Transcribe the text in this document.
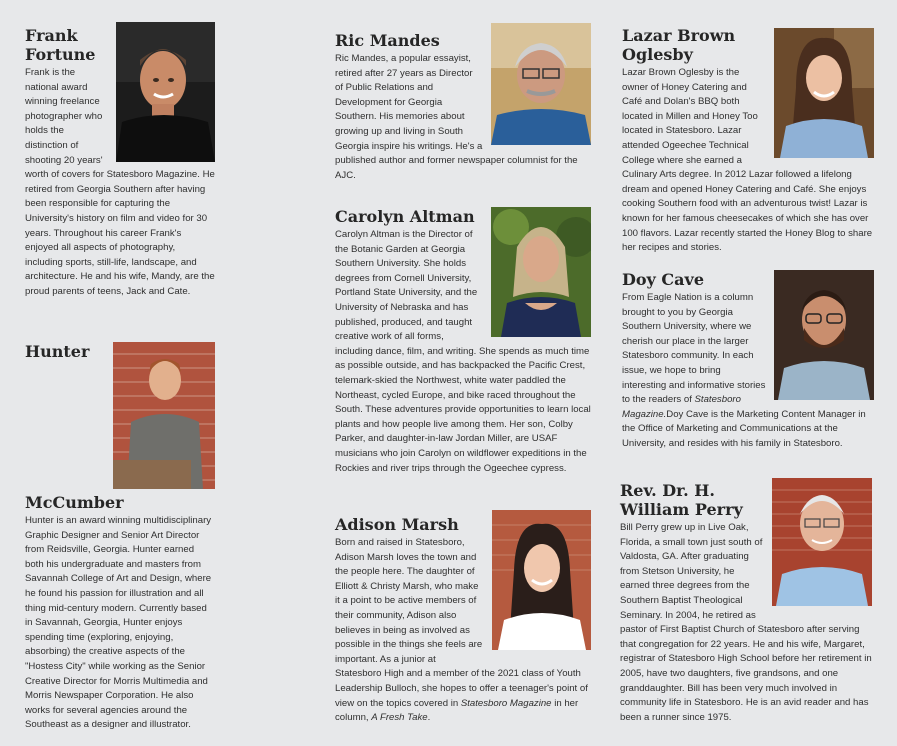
Frank Fortune

Frank is the national award winning freelance photographer who holds the distinction of shooting 20 years' worth of covers for Statesboro Magazine. He retired from Georgia Southern after having been responsible for capturing the University's history on film and video for 30 years. Throughout his career Frank's enjoyed all aspects of photography, including sports, still-life, landscape, and architecture. He and his wife, Mandy, are the proud parents of teens, Jack and Cate.

Hunter McCumber

Hunter is an award winning multidisciplinary Graphic Designer and Senior Art Director from Reidsville, Georgia. Hunter earned both his undergraduate and masters from Savannah College of Art and Design, where he found his passion for illustration and all thing mid-century modern. Currently based in Savannah, Georgia, Hunter enjoys spending time (exploring, enjoying, absorbing) the creative aspects of the "Hostess City" while working as the Senior Creative Director for Morris Multimedia and Morris Newspaper Corporation. He also works for several agencies around the Southeast as a designer and illustrator.

Ric Mandes

Ric Mandes, a popular essayist, retired after 27 years as Director of Public Relations and Development for Georgia Southern. His memories about growing up and living in South Georgia inspire his writings. He's a published author and former newspaper columnist for the AJC.

Carolyn Altman

Carolyn Altman is the Director of the Botanic Garden at Georgia Southern University. She holds degrees from Cornell University, Portland State University, and the University of Nebraska and has published, produced, and taught creative work of all forms, including dance, film, and writing. She spends as much time as possible outside, and has backpacked the Pacific Crest, telemark-skied the Northwest, white water paddled the Northeast, cycled Europe, and bike raced throughout the South. These adventures provide opportunities to learn local plants and how people live among them. Her son, Colby Parker, and daughter-in-law Jordan Miller, are USAF musicians who join Carolyn on wildflower expeditions in the Rockies and river trips through the Ogeechee cypress.

Adison Marsh

Born and raised in Statesboro, Adison Marsh loves the town and the people here. The daughter of Elliott & Christy Marsh, who make it a point to be active members of their community, Adison also believes in being as involved as possible in the things she feels are important. As a junior at Statesboro High and a member of the 2021 class of Youth Leadership Bulloch, she hopes to offer a teenager's point of view on the topics covered in Statesboro Magazine in her column, A Fresh Take.

Lazar Brown Oglesby

Lazar Brown Oglesby is the owner of Honey Catering and Café and Dolan's BBQ both located in Millen and Honey Too located in Statesboro. Lazar attended Ogeechee Technical College where she earned a Culinary Arts degree. In 2012 Lazar followed a lifelong dream and opened Honey Catering and Café. She enjoys cooking Southern food with an adventurous twist! Lazar is known for her famous cheesecakes of which she has over 100 flavors. Lazar recently started the Honey Blog to share her recipes and stories.

Doy Cave

From Eagle Nation is a column brought to you by Georgia Southern University, where we cherish our place in the larger Statesboro community. In each issue, we hope to bring interesting and informative stories to the readers of Statesboro Magazine.Doy Cave is the Marketing Content Manager in the Office of Marketing and Communications at the University, and resides with his family in Statesboro.

Rev. Dr. H. William Perry

Bill Perry grew up in Live Oak, Florida, a small town just south of Valdosta, GA. After graduating from Stetson University, he earned three degrees from the Southern Baptist Theological Seminary. In 2004, he retired as pastor of First Baptist Church of Statesboro after serving that congregation for 22 years. He and his wife, Margaret, registrar of Statesboro High School before her retirement in 2005, have two daughters, five grandsons, and one granddaughter. Bill has been very much involved in community life in Statesboro. He is an avid reader and has been a runner since 1975.
